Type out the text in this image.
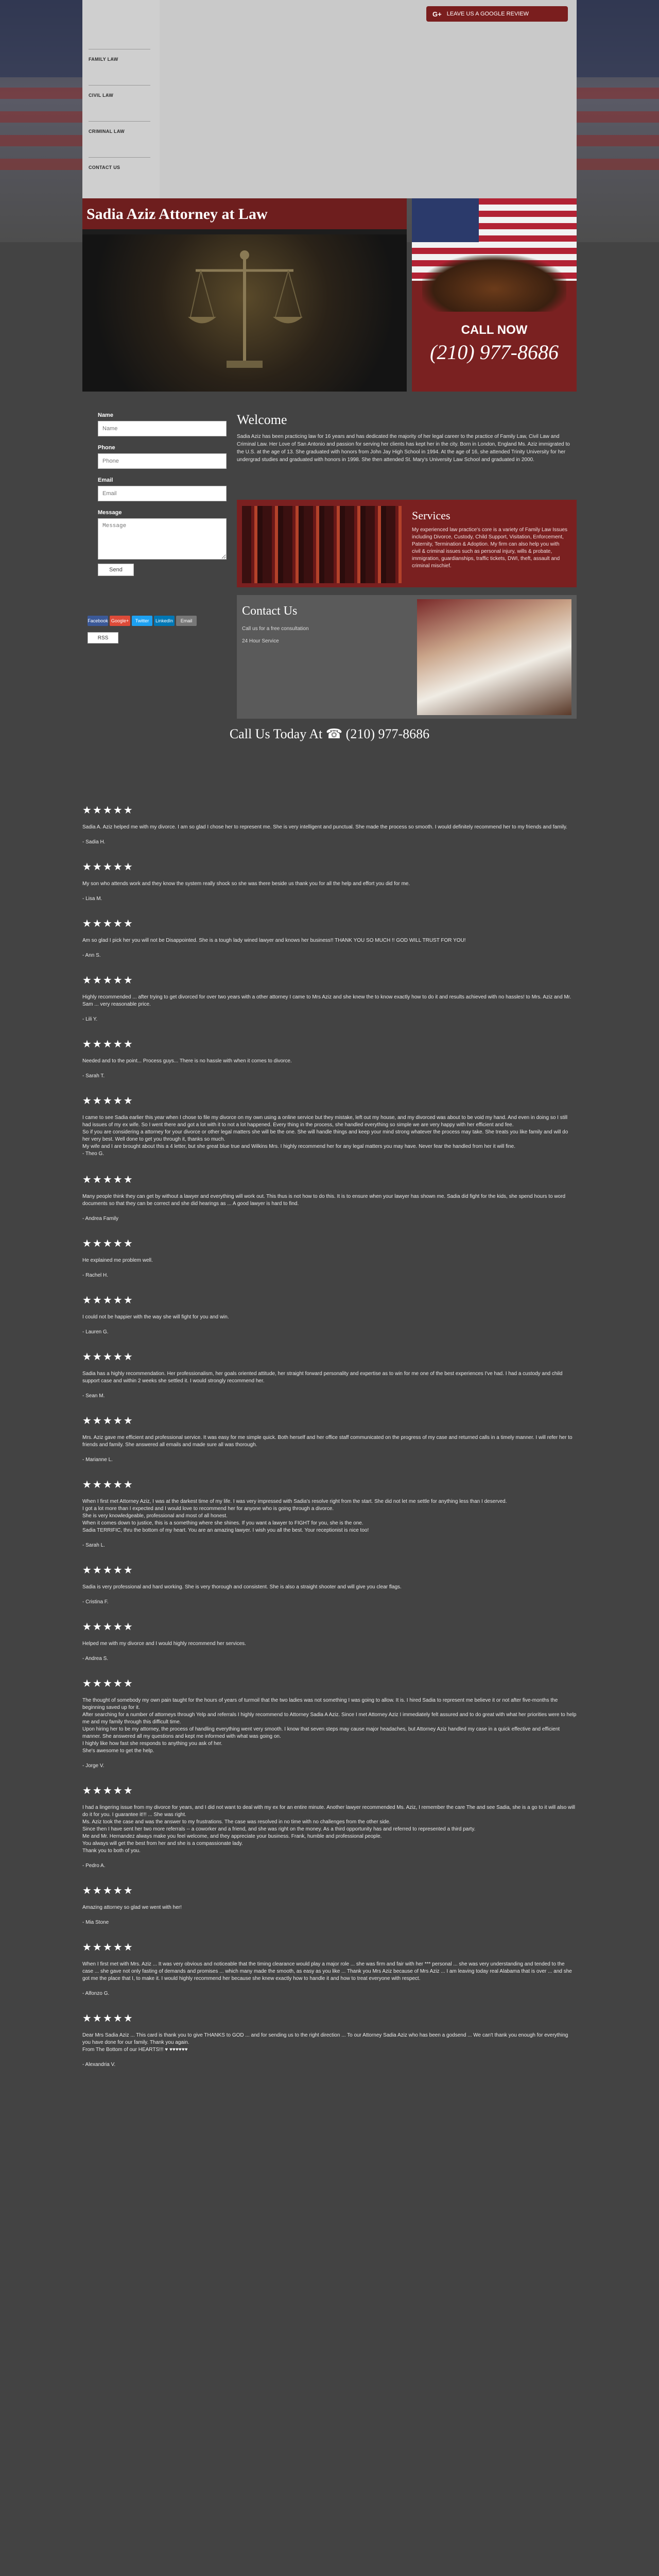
FAMILY LAW
CIVIL LAW
CRIMINAL LAW
CONTACT US
G+ LEAVE US A GOOGLE REVIEW
Sadia Aziz Attorney at Law
CALL NOW
(210) 977-8686
Name
Name
Phone
Phone
Email
Email
Message
Message
Send
Facebook Google+	Twitter	LinkedIn	Email
RSS
Welcome

Sadia Aziz has been practicing law for 16 years and has dedicated the majority of her legal career to the practice of Family Law, Civil Law and Criminal Law. Her Love of San Antonio and passion for serving her clients has kept her in the city. Born in London, England Ms. Aziz immigrated to the U.S. at the age of 13. She graduated with honors from John Jay High School in 1994. At the age of 16, she attended Trinity University for her undergrad studies and graduated with honors in 1998. She then attended St. Mary's University Law School and graduated in 2000.

Services

My experienced law practice's core is a variety of Family Law Issues including Divorce, Custody, Child Support, Visitation, Enforcement, Paternity, Termination & Adoption. My firm can also help you with civil & criminal issues such as personal injury, wills & probate, immigration, guardianships, traffic tickets, DWI, theft, assault and criminal mischief.

Contact Us
Call us for a free consultation
24 Hour Service
Call Us Today At ☎ (210) 977-8686
★★★★★
Sadia A. Aziz helped me with my divorce. I am so glad I chose her to represent me. She is very intelligent and punctual. She made the process so smooth. I would definitely recommend her to my friends and family.
- Sadia H.
★★★★★
My son who attends work and they know the system really shock so she was there beside us thank you for all the help and effort you did for me.
- Lisa M.
★★★★★
Am so glad I pick her you will not be Disappointed. She is a tough lady wined lawyer and knows her business!! THANK YOU SO MUCH !! GOD WILL TRUST FOR YOU!
- Ann S.
★★★★★
Highly recommended ... after trying to get divorced for over two years with a other attorney I came to Mrs Aziz and she knew the to know exactly how to do it and results achieved with no hassles! to Mrs. Aziz and Mr. Sam ... very reasonable price.
- Lili Y.
★★★★★
Needed and to the point... Process guys... There is no hassle with when it comes to divorce.
- Sarah T.
★★★★★
I came to see Sadia earlier this year when I chose to file my divorce on my own using a online service but they mistake, left out my house, and my divorced was about to be void my hand. And even in doing so I still had issues of my ex wife. So I went there and got a lot with it to not a lot happened. Every thing in the process, she handled everything so simple we are very happy with her efficient and fee.
So if you are considering a attorney for your divorce or other legal matters she will be the one. She will handle things and keep your mind strong whatever the process may take. She treats you like family and will do her very best. Well done to get you through it, thanks so much.
My wife and I are brought about this a 4 letter, but she great blue true and Wilkins Mrs. I highly recommend her for any legal matters you may have. Never fear the handled from her it will fine.
- Theo G.
★★★★★
Many people think they can get by without a lawyer and everything will work out. This thus is not how to do this. It is to ensure when your lawyer has shown me. Sadia did fight for the kids, she spend hours to word documents so that they can be correct and she did hearings as ... A good lawyer is hard to find.
- Andrea Family
★★★★★
He explained me problem well.
- Rachel H.
★★★★★
I could not be happier with the way she will fight for you and win.
- Lauren G.
★★★★★
Sadia has a highly recommendation. Her professionalism, her goals oriented attitude, her straight forward personality and expertise as to win for me one of the best experiences I've had. I had a custody and child support case and within 2 weeks she settled it. I would strongly recommend her.
- Sean M.
★★★★★
Mrs. Aziz gave me efficient and professional service. It was easy for me simple quick. Both herself and her office staff communicated on the progress of my case and returned calls in a timely manner. I will refer her to friends and family. She answered all emails and made sure all was thorough.
- Marianne L.
★★★★★
When I first met Attorney Aziz, I was at the darkest time of my life. I was very impressed with Sadia's resolve right from the start. She did not let me settle for anything less than I deserved.
I got a lot more than I expected and I would love to recommend her for anyone who is going through a divorce.
She is very knowledgeable, professional and most of all honest.
When it comes down to justice, this is a something where she shines. If you want a lawyer to FIGHT for you, she is the one.
Sadia TERRIFIC, thru the bottom of my heart. You are an amazing lawyer. I wish you all the best. Your receptionist is nice too!
- Sarah L.
★★★★★
Sadia is very professional and hard working. She is very thorough and consistent. She is also a straight shooter and will give you clear flags.
- Cristina F.
★★★★★
Helped me with my divorce and I would highly recommend her services.
- Andrea S.
★★★★★
The thought of somebody my own pain taught for the hours of years of turmoil that the two ladies was not something I was going to allow. It is. I hired Sadia to represent me believe it or not after five-months the beginning saved up for it.
After searching for a number of attorneys through Yelp and referrals I highly recommend to Attorney Sadia A Aziz. Since I met Attorney Aziz I immediately felt assured and to do great with what her priorities were to help me and my family through this difficult time.
Upon hiring her to be my attorney, the process of handling everything went very smooth. I know that seven steps may cause major headaches, but Attorney Aziz handled my case in a quick effective and efficient manner. She answered all my questions and kept me informed with what was going on.
I highly like how fast she responds to anything you ask of her.
She's awesome to get the help.
- Jorge V.
★★★★★
I had a lingering issue from my divorce for years, and I did not want to deal with my ex for an entire minute. Another lawyer recommended Ms. Aziz, I remember the care The and see Sadia, she is a go to it will also will do it for you. I guarantee it!!! ... She was right.
Ms. Aziz took the case and was the answer to my frustrations. The case was resolved in no time with no challenges from the other side.
Since then I have sent her two more referrals -- a coworker and a friend, and she was right on the money. As a third opportunity has and referred to represented a third party.
Me and Mr. Hernandez always make you feel welcome, and they appreciate your business. Frank, humble and professional people.
You always will get the best from her and she is a compassionate lady.
Thank you to both of you.
- Pedro A.
★★★★★
Amazing attorney so glad we went with her!
- Mia Stone
★★★★★
When I first met with Mrs. Aziz ... It was very obvious and noticeable that the timing clearance would play a major role ... she was firm and fair with her *** personal ... she was very understanding and tended to the case ... she gave not only fasting of demands and promises ... which many made the smooth, as easy as you like ... Thank you Mrs Aziz because of Mrs Aziz ... I am leaving today real Alabama that is over ... and she got me the place that I, to make it. I would highly recommend her because she knew exactly how to handle it and how to treat everyone with respect.
- Alfonzo G.
★★★★★
Dear Mrs Sadia Aziz ... This card is thank you to give THANKS to GOD ... and for sending us to the right direction ... To our Attorney Sadia Aziz who has been a godsend ... We can't thank you enough for everything you have done for our family. Thank you again.
From The Bottom of our HEARTS!!! ♥ ♥♥♥♥♥♥
- Alexandria V.
